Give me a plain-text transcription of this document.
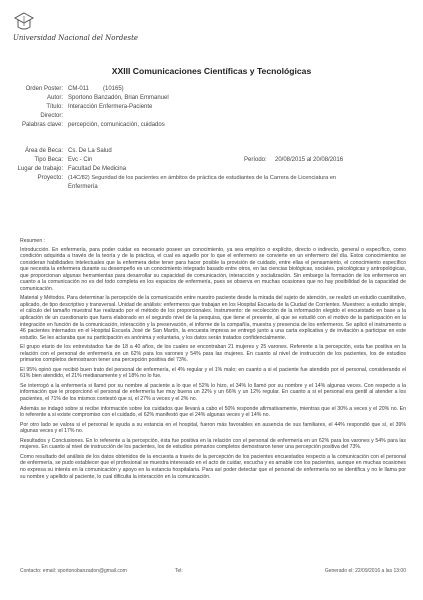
Universidad Nacional del Nordeste
XXIII Comunicaciones Científicas y Tecnológicas
Orden Poster: CM-011 (10165)
Autor: Sportono Banzadón, Brian Emmanuel
Título: Interacción Enfermera-Paciente
Director:
Palabras clave: percepción, comunicación, cuidados
Área de Beca: Cs. De La Salud
Tipo Beca: Evc - Cin	Período: 20/08/2015 al 20/08/2016
Lugar de trabajo: Facultad De Medicina
Proyecto: (14C/82) Seguridad de los pacientes en ámbitos de práctica de estudiantes de la Carrera de Licenciatura en
Enfermería
Resumen :

Introducción. En enfermería, para poder cuidar es necesario poseer un conocimiento, ya sea empírico o explícito, directo o indirecto, general o específico, como condición adquirida a través de la teoría y de la práctica, el cual es aquello por lo que el enfermero se convierte en un enfermero del día. Estos conocimientos se consideran habilidades intelectuales que la enfermera debe tener para hacer posible la provisión de cuidado, entre ellas el pensamiento, el conocimiento específico que necesita la enfermera durante su desempeño es un conocimiento integrado basado entre otros, en las ciencias biológicas, sociales, psicológicas y antropológicas, que proporcionan algunas herramientas para desarrollar su capacidad de comunicación, interacción y socialización. Sin embargo la formación de los enfermeros en cuanto a la comunicación no es del todo completa en los espacios de enfermería, pues se observa en muchas ocasiones que no hay posibilidad de la capacidad de comunicación.

Material y Métodos. Para determinar la percepción de la comunicación entre nuestro paciente desde la mirada del sujeto de atención, se realizó un estudio cuantitativo, aplicado, de tipo descriptivo y transversal. Unidad de análisis: enfermeros que trabajan en los Hospital Escuela de la Ciudad de Corrientes. Muestreo: a estudio simple, el cálculo del tamaño muestral fue realizado por el método de los proporcionales. Instrumento: de recolección de la información elegido el encuestado en base a la aplicación de un cuestionario que fuera elaborado en el segundo nivel de la pesquisa, que tiene el presente, al que se estudió con el motivo de la participación en la integración en función de la comunicación, interacción y la preservación, el informe de la compañía, muestra y presencia de los enfermeros. Se aplicó el instrumento a 46 pacientes internados en el Hospital Escuela José de San Martín, la encuesta impresa se entregó junto a una carta explicativa y de invitación a participar en este estudio. Se les aclaraba que su participación es anónima y voluntaria, y los datos serán tratados confidencialmente.

El grupo etario de los entrevistados fue de 18 a 40 años, de los cuales se encontraban 21 mujeres y 25 varones. Referente a la percepción, esta fue positiva en la relación con el personal de enfermería en un 62% para los varones y 54% para las mujeres. En cuanto al nivel de instrucción de los pacientes, los de estudios primarios completos demostraron tener una percepción positiva del 73%.

El 95% opinó que recibió buen trato del personal de enfermería, el 4% regular y el 1% malo; en cuanto a si el paciente fue atendido por el personal, considerando el 61% bien atendido, el 21% medianamente y el 18% no lo fue.

Se interrogó a la enfermería si llamó por su nombre al paciente a lo que el 52% lo hizo, el 34% lo llamó por su nombre y el 14% algunas veces. Con respecto a la información que le proporcionó el personal de enfermería fue muy buena un 22% y un 66% y un 12% regular. En cuanto a si el personal era gentil al atender a los pacientes, el 71% de los mismos contestó que si, el 27% a veces y el 2% no.

Además se indagó sobre si recibe información sobre los cuidados que llevará a cabo el 50% responde afirmativamente, mientras que el 30% a veces y el 20% no. En lo referente a si existe compromiso con el cuidado, el 62% manifestó que el 24% algunas veces y el 14% no.

Por otro lado se valora si el personal le ayuda a su estancia en el hospital, fueron más favorables en ausencia de sus familiares, el 44% respondió que sí, el 39% algunas veces y el 17% no.

Resultados y Conclusiones. En lo referente a la percepción, ésta fue positiva en la relación con el personal de enfermería en un 62% para los varones y 54% para las mujeres. En cuanto al nivel de instrucción de los pacientes, los de estudios primarios completos demostraron tener una percepción positiva del 73%.

Como resultado del análisis de los datos obtenidos de la encuesta a través de la percepción de los pacientes encuestados respecto a la comunicación con el personal de enfermería, se pudo establecer que el profesional se muestra interesado en el acto de cuidar, escucha y es amable con los pacientes, aunque en muchas ocasiones no expresa su interés en la comunicación y apoyo en la estancia hospitalaria. Para así poder detectar que el personal de enfermería no se identifica y no le llama por su nombre y apellido al paciente, lo cual dificulta la interacción en la comunicación.

Contacto: email: sportonobanzadon@gmail.com	Tel:	Generado el: 22/09/2016 a las 13:00
